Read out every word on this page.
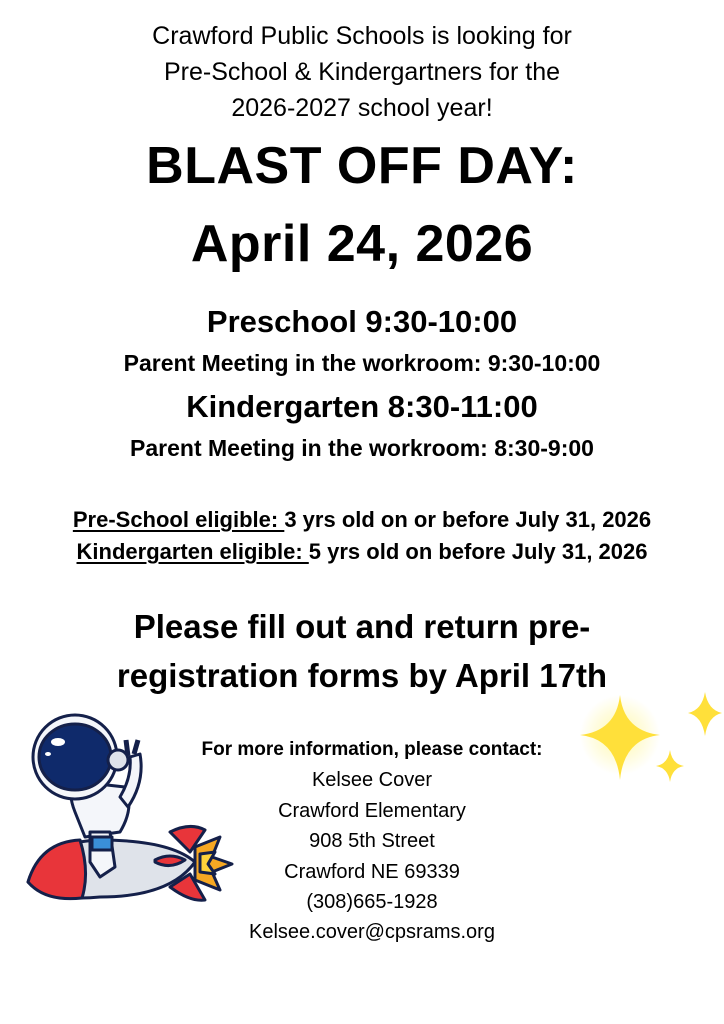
Crawford Public Schools is looking for
Pre-School & Kindergartners for the
2026-2027 school year!
BLAST OFF DAY:
April 24, 2026
Preschool 9:30-10:00
Parent Meeting in the workroom: 9:30-10:00
Kindergarten 8:30-11:00
Parent Meeting in the workroom: 8:30-9:00
Pre-School eligible: 3 yrs old on or before July 31, 2026
Kindergarten eligible: 5 yrs old on before July 31, 2026
Please fill out and return pre-
registration forms by April 17th
For more information, please contact:
Kelsee Cover
Crawford Elementary
908 5th Street
Crawford NE 69339
(308)665-1928
Kelsee.cover@cpsrams.org
